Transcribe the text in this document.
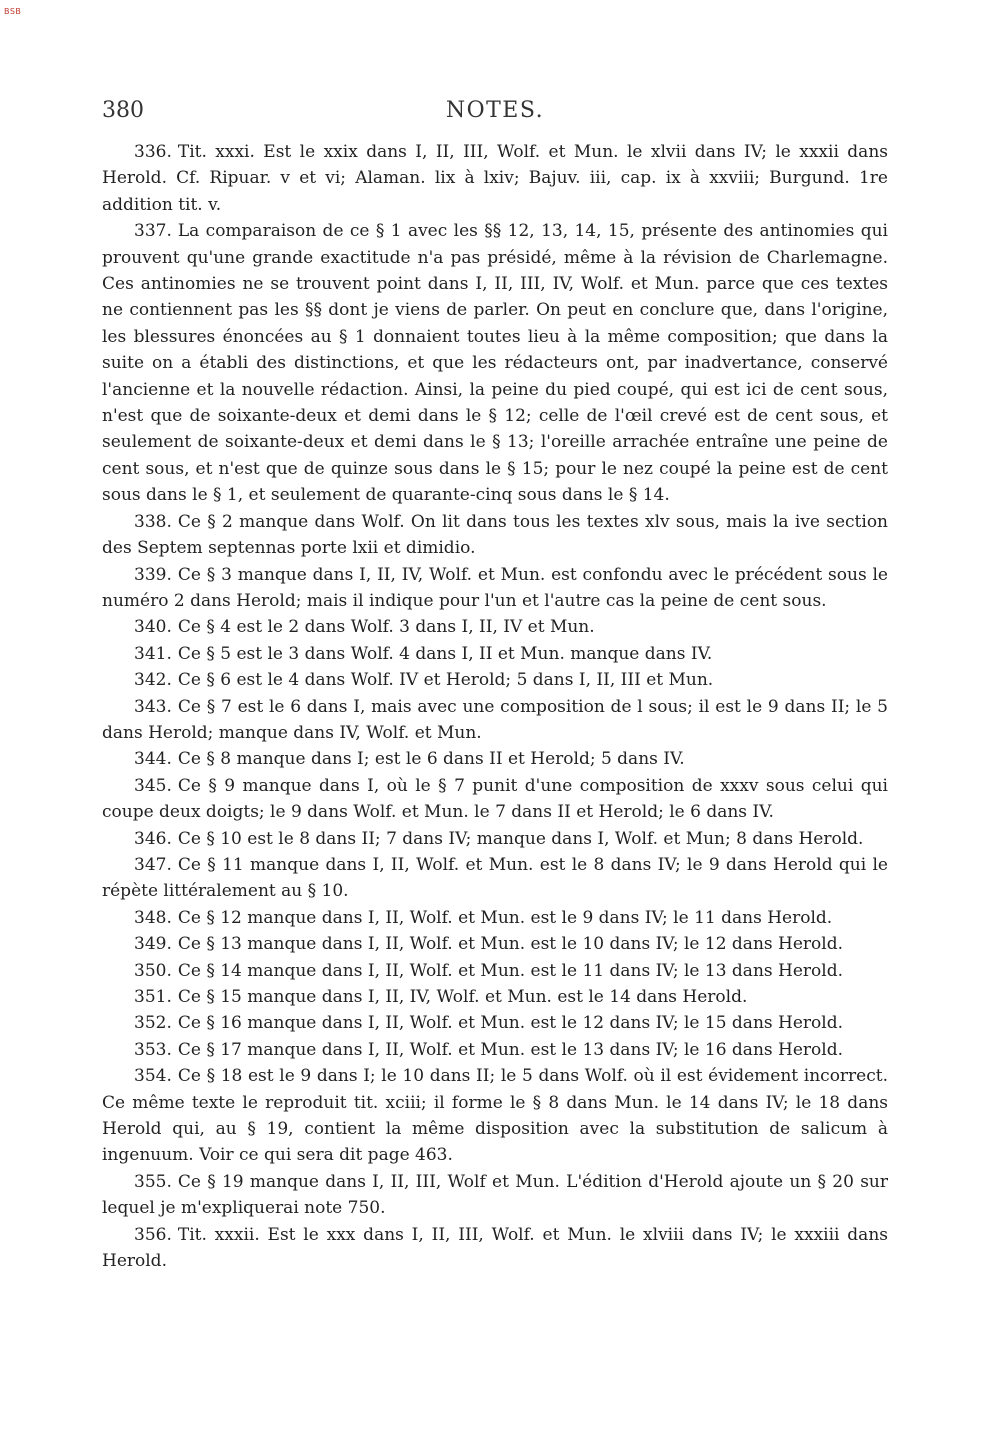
BSB
380	NOTES.

336. Tit. xxxi. Est le xxix dans I, II, III, Wolf. et Mun. le xlvii dans IV; le xxxii dans Herold. Cf. Ripuar. v et vi; Alaman. lix à lxiv; Bajuv. iii, cap. ix à xxviii; Burgund. 1re addition tit. v.

337. La comparaison de ce § 1 avec les §§ 12, 13, 14, 15, présente des antinomies qui prouvent qu'une grande exactitude n'a pas présidé, même à la révision de Charlemagne. Ces antinomies ne se trouvent point dans I, II, III, IV, Wolf. et Mun. parce que ces textes ne contiennent pas les §§ dont je viens de parler. On peut en conclure que, dans l'origine, les blessures énoncées au § 1 donnaient toutes lieu à la même composition; que dans la suite on a établi des distinctions, et que les rédacteurs ont, par inadvertance, conservé l'ancienne et la nouvelle rédaction. Ainsi, la peine du pied coupé, qui est ici de cent sous, n'est que de soixante-deux et demi dans le § 12; celle de l'œil crevé est de cent sous, et seulement de soixante-deux et demi dans le § 13; l'oreille arrachée entraîne une peine de cent sous, et n'est que de quinze sous dans le § 15; pour le nez coupé la peine est de cent sous dans le § 1, et seulement de quarante-cinq sous dans le § 14.

338. Ce § 2 manque dans Wolf. On lit dans tous les textes xlv sous, mais la ive section des Septem septennas porte lxii et dimidio.

339. Ce § 3 manque dans I, II, IV, Wolf. et Mun. est confondu avec le précédent sous le numéro 2 dans Herold; mais il indique pour l'un et l'autre cas la peine de cent sous.

340. Ce § 4 est le 2 dans Wolf. 3 dans I, II, IV et Mun.

341. Ce § 5 est le 3 dans Wolf. 4 dans I, II et Mun. manque dans IV.

342. Ce § 6 est le 4 dans Wolf. IV et Herold; 5 dans I, II, III et Mun.

343. Ce § 7 est le 6 dans I, mais avec une composition de l sous; il est le 9 dans II; le 5 dans Herold; manque dans IV, Wolf. et Mun.

344. Ce § 8 manque dans I; est le 6 dans II et Herold; 5 dans IV.

345. Ce § 9 manque dans I, où le § 7 punit d'une composition de xxxv sous celui qui coupe deux doigts; le 9 dans Wolf. et Mun. le 7 dans II et Herold; le 6 dans IV.

346. Ce § 10 est le 8 dans II; 7 dans IV; manque dans I, Wolf. et Mun; 8 dans Herold.

347. Ce § 11 manque dans I, II, Wolf. et Mun. est le 8 dans IV; le 9 dans Herold qui le répète littéralement au § 10.

348. Ce § 12 manque dans I, II, Wolf. et Mun. est le 9 dans IV; le 11 dans Herold.

349. Ce § 13 manque dans I, II, Wolf. et Mun. est le 10 dans IV; le 12 dans Herold.

350. Ce § 14 manque dans I, II, Wolf. et Mun. est le 11 dans IV; le 13 dans Herold.

351. Ce § 15 manque dans I, II, IV, Wolf. et Mun. est le 14 dans Herold.

352. Ce § 16 manque dans I, II, Wolf. et Mun. est le 12 dans IV; le 15 dans Herold.

353. Ce § 17 manque dans I, II, Wolf. et Mun. est le 13 dans IV; le 16 dans Herold.

354. Ce § 18 est le 9 dans I; le 10 dans II; le 5 dans Wolf. où il est évidement incorrect. Ce même texte le reproduit tit. xciii; il forme le § 8 dans Mun. le 14 dans IV; le 18 dans Herold qui, au § 19, contient la même disposition avec la substitution de salicum à ingenuum. Voir ce qui sera dit page 463.

355. Ce § 19 manque dans I, II, III, Wolf et Mun. L'édition d'Herold ajoute un § 20 sur lequel je m'expliquerai note 750.

356. Tit. xxxii. Est le xxx dans I, II, III, Wolf. et Mun. le xlviii dans IV; le xxxiii dans Herold.
